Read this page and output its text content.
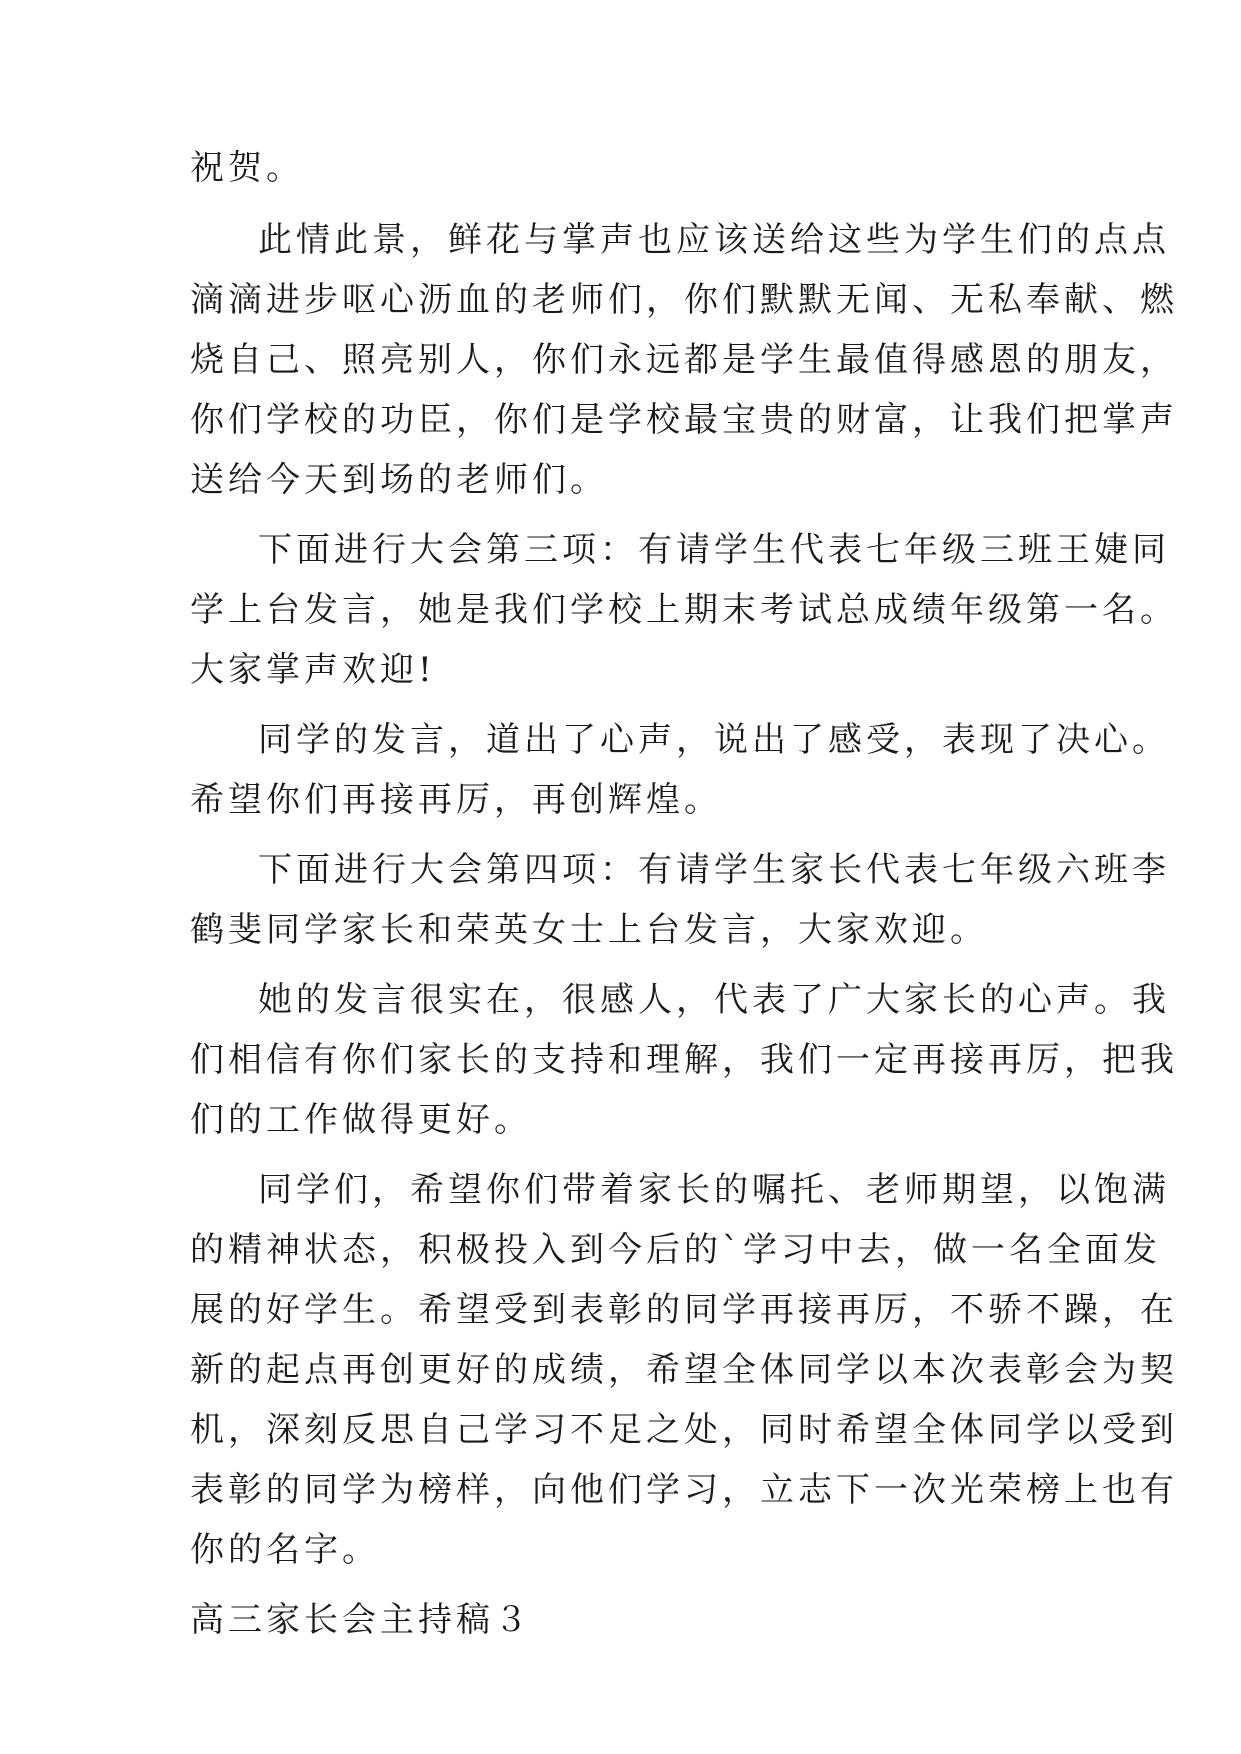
祝贺。
此情此景，鲜花与掌声也应该送给这些为学生们的点点
滴滴进步呕心沥血的老师们，你们默默无闻、无私奉献、燃
烧自己、照亮别人，你们永远都是学生最值得感恩的朋友，
你们学校的功臣，你们是学校最宝贵的财富，让我们把掌声
送给今天到场的老师们。
下面进行大会第三项：有请学生代表七年级三班王婕同
学上台发言，她是我们学校上期末考试总成绩年级第一名。
大家掌声欢迎!
同学的发言，道出了心声，说出了感受，表现了决心。
希望你们再接再厉，再创辉煌。
下面进行大会第四项：有请学生家长代表七年级六班李
鹤斐同学家长和荣英女士上台发言，大家欢迎。
她的发言很实在，很感人，代表了广大家长的心声。我
们相信有你们家长的支持和理解，我们一定再接再厉，把我
们的工作做得更好。
同学们，希望你们带着家长的嘱托、老师期望，以饱满
的精神状态，积极投入到今后的`学习中去，做一名全面发
展的好学生。希望受到表彰的同学再接再厉，不骄不躁，在
新的起点再创更好的成绩，希望全体同学以本次表彰会为契
机，深刻反思自己学习不足之处，同时希望全体同学以受到
表彰的同学为榜样，向他们学习，立志下一次光荣榜上也有
你的名字。
高三家长会主持稿３
